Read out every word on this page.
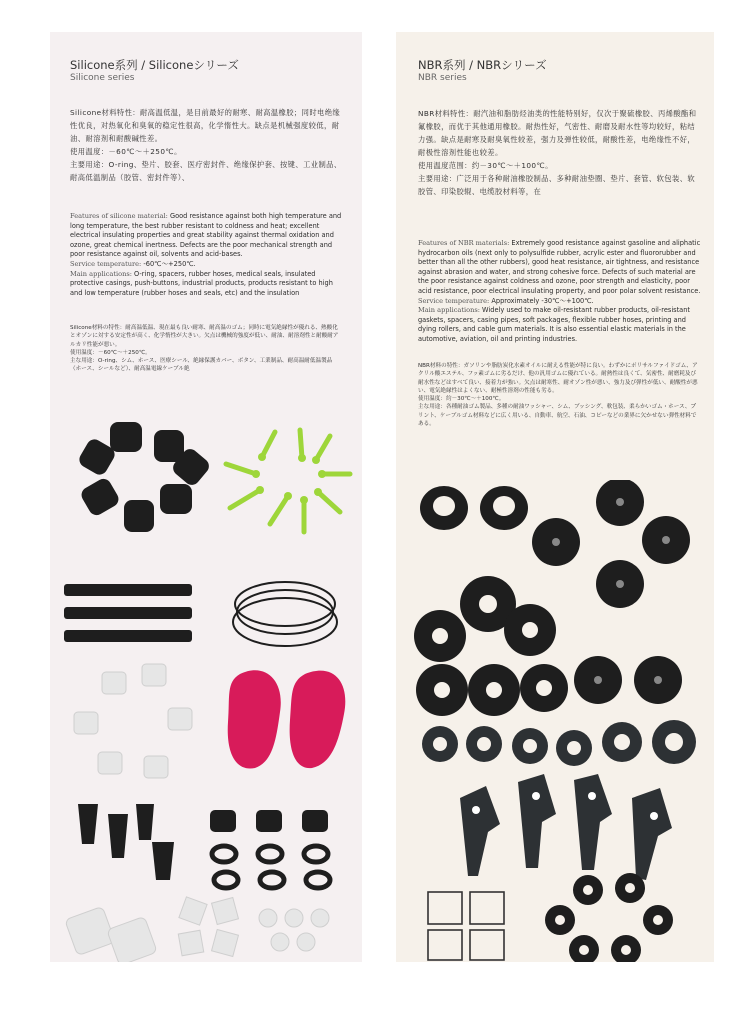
Silicone系列 / Siliconeシリーズ
Silicone series
Silicone材料特性：耐高温低温，是目前最好的耐寒、耐高温橡胶；同时电绝缘性优良，对热氧化和臭氧的稳定性很高，化学惰性大。缺点是机械强度较低，耐油、耐溶剂和耐酸碱性差。
使用温度：－60℃～＋250℃。
主要用途：O-ring、垫片、胶套、医疗密封件、绝缘保护套、按键、工业制品、耐高低温制品（胶管、密封件等）、
Features of silicone material: Good resistance against both high temperature and long temperature, the best rubber resistant to coldness and heat; excellent electrical insulating properties and great stability against thermal oxidation and ozone, great chemical inertness. Defects are the poor mechanical strength and poor resistance against oil, solvents and acid-bases.
Service temperature: -60℃～+250℃.
Main applications: O-ring, spacers, rubber hoses, medical seals, insulated protective casings, push-buttons, industrial products, products resistant to high and low temperature (rubber hoses and seals, etc) and the insulation
Silicone材料の特性：耐高温低温、現在最も良い耐寒、耐高温のゴム；同時に電気絶縁性が優れる、熱酸化とオゾンに対する安定性が高く、化学惰性が大きい。欠点は機械的強度が低い、耐油、耐溶剤性と耐酸耐アルカリ性能が悪い。
使用温度：－60℃～＋250℃。
主な用途：O-ring、シム、ホース、医療シール、絶縁保護カバー、ボタン、工業制品、耐高温耐低温製品（ホース、シールなど）、耐高温電線ケーブル絶
NBR系列 / NBRシリーズ
NBR series
NBR材料特性：耐汽油和脂肪烃油类的性能特别好，仅次于聚硫橡胶、丙烯酸酯和氟橡胶，而优于其他通用橡胶。耐热性好，气密性、耐磨及耐水性等均较好，粘结力强。缺点是耐寒及耐臭氧性较差，强力及弹性较低，耐酸性差，电绝缘性不好，耐极性溶剂性能也较差。
使用温度范围：约－30℃～＋100℃。
主要用途：广泛用于各种耐油橡胶制品、多种耐油垫圈、垫片、套管、软包装、软胶管、印染胶辊、电缆胶材料等，在
Features of NBR materials: Extremely good resistance against gasoline and aliphatic hydrocarbon oils (next only to polysulfide rubber, acrylic ester and fluororubber and better than all the other rubbers), good heat resistance, air tightness, and resistance against abrasion and water, and strong cohesive force. Defects of such material are the poor resistance against coldness and ozone, poor strength and elasticity, poor acid resistance, poor electrical insulating property, and poor polar solvent resistance.
Service temperature: Approximately -30℃～+100℃.
Main applications: Widely used to make oil-resistant rubber products, oil-resistant gaskets, spacers, casing pipes, soft packages, flexible rubber hoses, printing and dying rollers, and cable gum materials. It is also essential elastic materials in the automotive, aviation, oil and printing industries.
NBR材料の特性：ガソリンや脂肪炭化水素オイルに耐える性能が特に良い。わずかにポリサルファイドゴム、アクリル酸エステル、フッ素ゴムに劣るだけ、他の汎用ゴムに優れている。耐熱性は良くて、気密性、耐磨耗及び耐水性などはすべて良い、接着力が強い。欠点は耐寒性、耐オゾン性が悪い、強力及び弾性が低い、耐酸性が悪い、電気絶縁性はよくない、耐極性溶剤の性能も劣る。
使用温度：約－30℃～＋100℃。
主な用途：各種耐油ゴム製品、多種の耐油ワッシャー、シム、ブッシング、軟包装、柔らかいゴム・ホース、プリント、ケーブルゴム材料などに広く用いる、自動車、航空、石油、コピーなどの業界に欠かせない弾性材料である。
